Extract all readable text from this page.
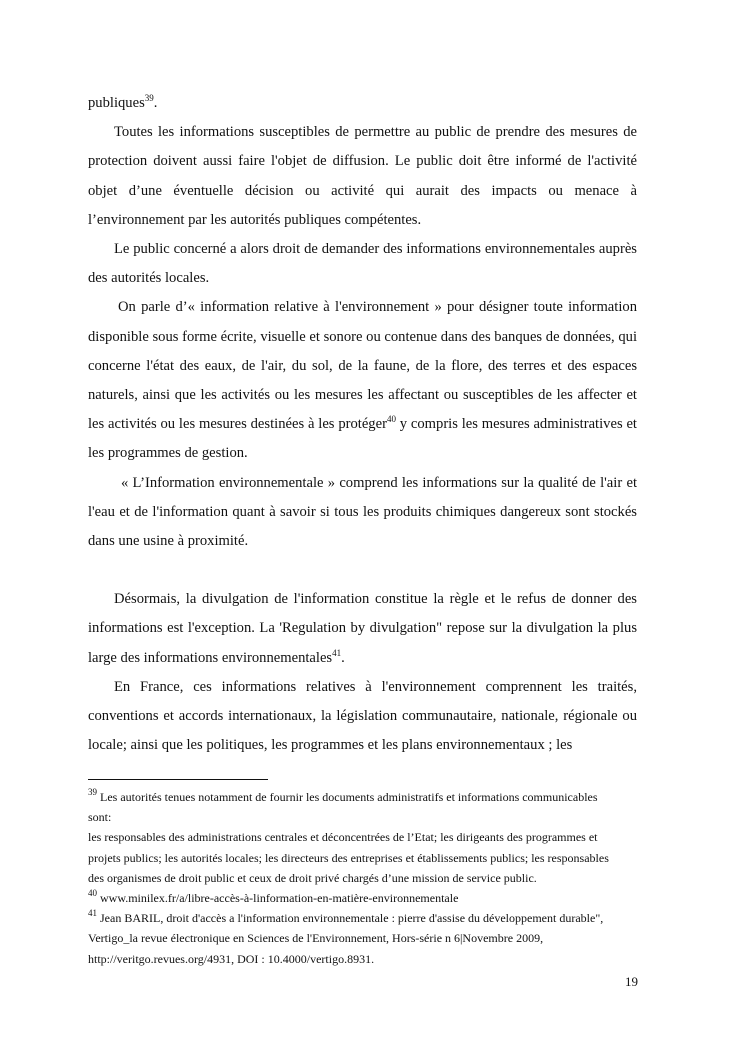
publiques$^{39}$.

Toutes les informations susceptibles de permettre au public de prendre des mesures de protection doivent aussi faire l'objet de diffusion. Le public doit être informé de l'activité objet d’une éventuelle décision ou activité qui aurait des impacts ou menace à l’environnement par les autorités publiques compétentes.

Le public concerné a alors droit de demander des informations environnementales auprès des autorités locales.

On parle d’« information relative à l'environnement » pour désigner toute information disponible sous forme écrite, visuelle et sonore ou contenue dans des banques de données, qui concerne l'état des eaux, de l'air, du sol, de la faune, de la flore, des terres et des espaces naturels, ainsi que les activités ou les mesures les affectant ou susceptibles de les affecter et les activités ou les mesures destinées à les protéger$^{40}$ y compris les mesures administratives et les programmes de gestion.

« L’Information environnementale » comprend les informations sur la qualité de l'air et l'eau et de l'information quant à savoir si tous les produits chimiques dangereux sont stockés dans une usine à proximité.

Désormais, la divulgation de l'information constitue la règle et le refus de donner des informations est l'exception. La 'Regulation by divulgation" repose sur la divulgation la plus large des informations environnementales$^{41}$.

En France, ces informations relatives à l'environnement comprennent les traités, conventions et accords internationaux, la législation communautaire, nationale, régionale ou locale; ainsi que les politiques, les programmes et les plans environnementaux ; les

$^{39}$ Les autorités tenues notamment de fournir les documents administratifs et informations communicables

sont:

les responsables des administrations centrales et déconcentrées de l’Etat; les dirigeants des programmes et

projets publics; les autorités locales; les directeurs des entreprises et établissements publics; les responsables

des organismes de droit public et ceux de droit privé chargés d’une mission de service public.

$^{40}$ www.minilex.fr/a/libre-accès-à-linformation-en-matière-environnementale

$^{41}$ Jean BARIL, droit d'accès a l'information environnementale : pierre d'assise du développement durable",

Vertigo_la revue électronique en Sciences de l'Environnement, Hors-série n 6|Novembre 2009,

http://veritgo.revues.org/4931, DOI : 10.4000/vertigo.8931.

19
